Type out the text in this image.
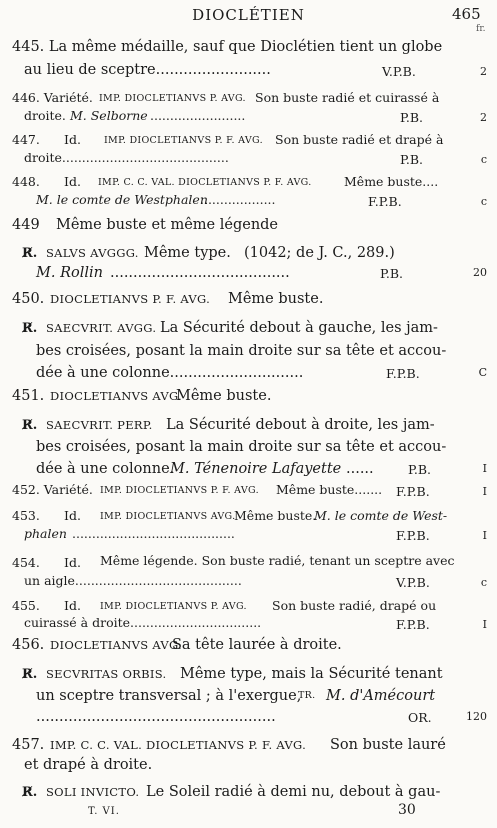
DIOCLÉTIEN	465
fr.
445. La même médaille, sauf que Dioclétien tient un globe
au lieu de sceptre.........................	V.P.B.	2
446. Variété. IMP. DIOCLETIANVS P. AVG. Son buste radié et cuirassé à
droite. M. Selborne ........................	P.B.	2
447. Id. IMP. DIOCLETIANVS P. F. AVG. Son buste radié et drapé à
droite..........................................	P.B.	c
448. Id. IMP. C. C. VAL. DIOCLETIANVS P. F. AVG.	Même buste....
M. le comte de Westphalen
...................	F.P.B.	c
449 Même buste et même légende
R̸. SALVS AVGGG. Même type. (1042; de J. C., 289.)
M. Rollin .......................................	P.B.	20
450. DIOCLETIANVS P. F. AVG. Même buste.
R̸. SAECVRIT. AVGG. La Sécurité debout à gauche, les jam-
bes croisées, posant la main droite sur sa tête et accou-
dée à une colonne.............................	F.P.B.	C
451. DIOCLETIANVS AVG.
Même buste.
R̸. SAECVRIT. PERP. La Sécurité debout à droite, les jam-
bes croisées, posant la main droite sur sa tête et accou-
dée à une colonne.
M. Ténenoire Lafayette ......	P.B.	I
452. Variété. IMP. DIOCLETIANVS P. F. AVG. Même buste....... F.P.B.	I
453. Id. IMP. DIOCLETIANVS AVG.
Même buste.
M. le comte de West-
phalen .........................................	F.P.B.	I
454. Id. Même légende. Son buste radié, tenant un sceptre avec
un aigle..........................................	V.P.B.	c
455. Id. IMP. DIOCLETIANVS P. AVG. Son buste radié, drapé ou
cuirassé à droite.................................	F.P.B.	I
456. DIOCLETIANVS AVG.
Sa tête laurée à droite.
R̸. SECVRITAS ORBIS. Même type, mais la Sécurité tenant
un sceptre transversal ; à l'exergue,
TR. M. d'Amécourt
....................................................	OR.	120
457. IMP. C. C. VAL. DIOCLETIANVS P. F. AVG. Son buste lauré
et drapé à droite.
R̸. SOLI INVICTO. Le Soleil radié à demi nu, debout à gau-
T. VI.	30
